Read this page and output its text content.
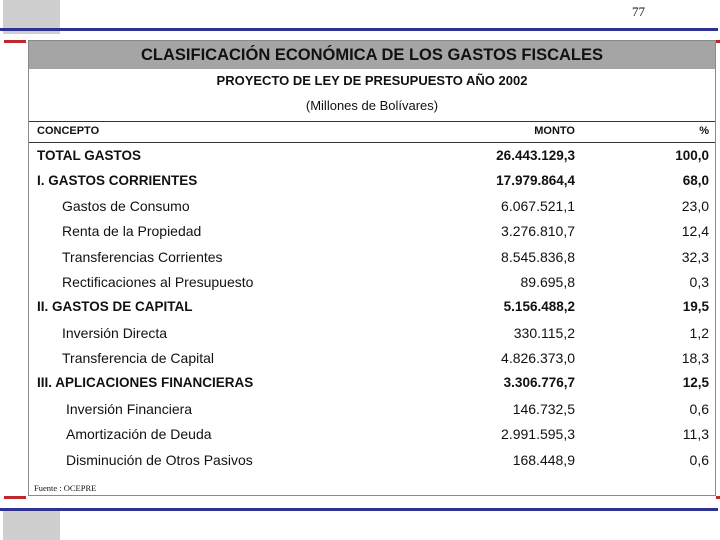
77
CLASIFICACIÓN ECONÓMICA DE LOS GASTOS FISCALES
PROYECTO DE LEY DE PRESUPUESTO AÑO 2002
(Millones de Bolívares)
CONCEPTO	MONTO	%
TOTAL GASTOS	26.443.129,3	100,0
I. GASTOS CORRIENTES	17.979.864,4	68,0
Gastos de Consumo	6.067.521,1	23,0
Renta de la Propiedad	3.276.810,7	12,4
Transferencias Corrientes	8.545.836,8	32,3
Rectificaciones al Presupuesto	89.695,8	0,3
II. GASTOS DE CAPITAL	5.156.488,2	19,5
Inversión Directa	330.115,2	1,2
Transferencia de Capital	4.826.373,0	18,3
III. APLICACIONES FINANCIERAS	3.306.776,7	12,5
Inversión Financiera	146.732,5	0,6
Amortización de Deuda	2.991.595,3	11,3
Disminución de Otros Pasivos	168.448,9	0,6
Fuente : OCEPRE
